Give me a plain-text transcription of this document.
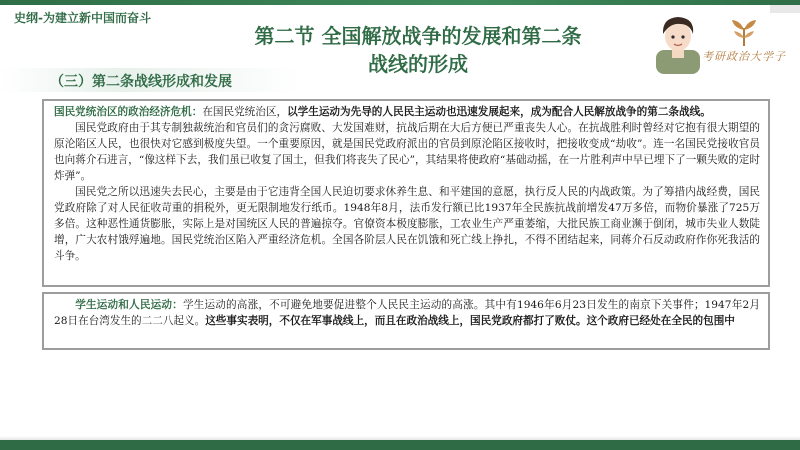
史纲-为建立新中国而奋斗
第二节 全国解放战争的发展和第二条
战线的形成	考研政治大学子
（三）第二条战线形成和发展

国民党统治区的政治经济危机：在国民党统治区，以学生运动为先导的人民民主运动也迅速发展起来，成为配合人民解放战争的第二条战线。

国民党政府由于其专制独裁统治和官员们的贪污腐败、大发国难财，抗战后期在大后方便已严重丧失人心。在抗战胜利时曾经对它抱有很大期望的原沦陷区人民，也很快对它感到极度失望。一个重要原因，就是国民党政府派出的官员到原沦陷区接收时，把接收变成“劫收”。连一名国民党接收官员也向蒋介石进言，“像这样下去，我们虽已收复了国土，但我们将丧失了民心”，其结果将使政府“基础动摇，在一片胜利声中早已埋下了一颗失败的定时炸弹”。

国民党之所以迅速失去民心，主要是由于它违背全国人民迫切要求休养生息、和平建国的意愿，执行反人民的内战政策。为了筹措内战经费，国民党政府除了对人民征收苛重的捐税外，更无限制地发行纸币。1948年8月，法币发行额已比1937年全民族抗战前增发47万多倍，而物价暴涨了725万多倍。这种恶性通货膨胀，实际上是对国统区人民的普遍掠夺。官僚资本极度膨胀，工农业生产严重萎缩，大批民族工商业濒于倒闭，城市失业人数陡增，广大农村饿殍遍地。国民党统治区陷入严重经济危机。全国各阶层人民在饥饿和死亡线上挣扎，不得不团结起来，同蒋介石反动政府作你死我活的斗争。

学生运动和人民运动：学生运动的高涨，不可避免地要促进整个人民民主运动的高涨。其中有1946年6月23日发生的南京下关事件；1947年2月28日在台湾发生的二二八起义。这些事实表明，不仅在军事战线上，而且在政治战线上，国民党政府都打了败仗。这个政府已经处在全民的包围中
